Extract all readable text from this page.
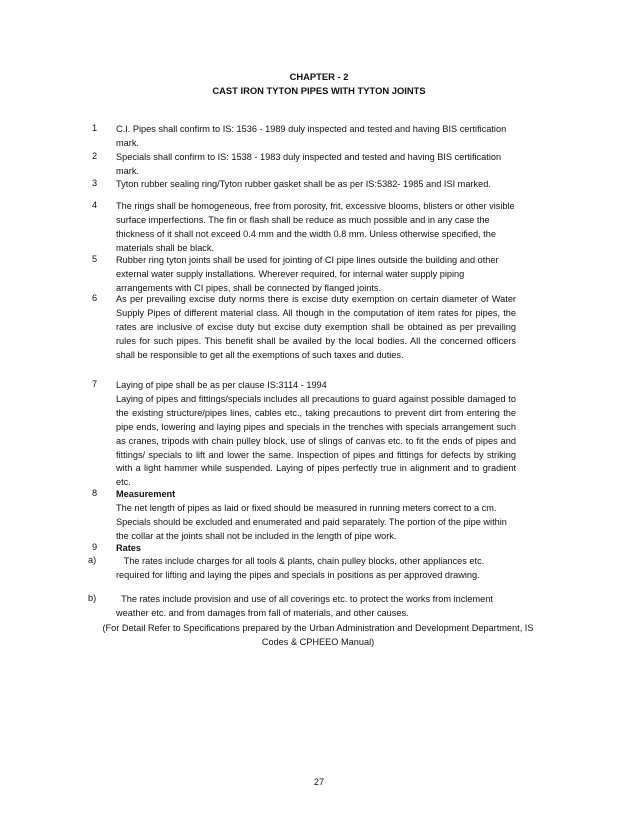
CHAPTER - 2
CAST IRON TYTON PIPES WITH TYTON JOINTS
1 C.I. Pipes shall confirm to IS: 1536 - 1989 duly inspected and tested and having BIS certification mark.
2 Specials shall confirm to IS: 1538 - 1983 duly inspected and tested and having BIS certification mark.
3 Tyton rubber sealing ring/Tyton rubber gasket shall be as per IS:5382- 1985 and ISI marked.
4 The rings shall be homogeneous, free from porosity, frit, excessive blooms, blisters or other visible surface imperfections. The fin or flash shall be reduce as much possible and in any case the thickness of it shall not exceed 0.4 mm and the width 0.8 mm. Unless otherwise specified, the materials shall be black.
5 Rubber ring tyton joints shall be used for jointing of CI pipe lines outside the building and other external water supply installations. Wherever required, for internal water supply piping arrangements with CI pipes, shall be connected by flanged joints.
6 As per prevailing excise duty norms there is excise duty exemption on certain diameter of Water Supply Pipes of different material class. All though in the computation of item rates for pipes, the rates are inclusive of excise duty but excise duty exemption shall be obtained as per prevailing rules for such pipes. This benefit shall be availed by the local bodies. All the concerned officers shall be responsible to get all the exemptions of such taxes and duties.
7 Laying of pipe shall be as per clause IS:3114 - 1994
Laying of pipes and fittings/specials includes all precautions to guard against possible damaged to the existing structure/pipes lines, cables etc., taking precautions to prevent dirt from entering the pipe ends, lowering and laying pipes and specials in the trenches with specials arrangement such as cranes, tripods with chain pulley block, use of slings of canvas etc. to fit the ends of pipes and fittings/ specials to lift and lower the same. Inspection of pipes and fittings for defects by striking with a light hammer while suspended. Laying of pipes perfectly true in alignment and to gradient etc.
8 Measurement
The net length of pipes as laid or fixed should be measured in running meters correct to a cm. Specials should be excluded and enumerated and paid separately. The portion of the pipe within the collar at the joints shall not be included in the length of pipe work.
9 Rates
a) The rates include charges for all tools & plants, chain pulley blocks, other appliances etc. required for lifting and laying the pipes and specials in positions as per approved drawing.
b) The rates include provision and use of all coverings etc. to protect the works from inclement weather etc. and from damages from fall of materials, and other causes.
(For Detail Refer to Specifications prepared by the Urban Administration and Development Department, IS Codes & CPHEEO Manual)
27
